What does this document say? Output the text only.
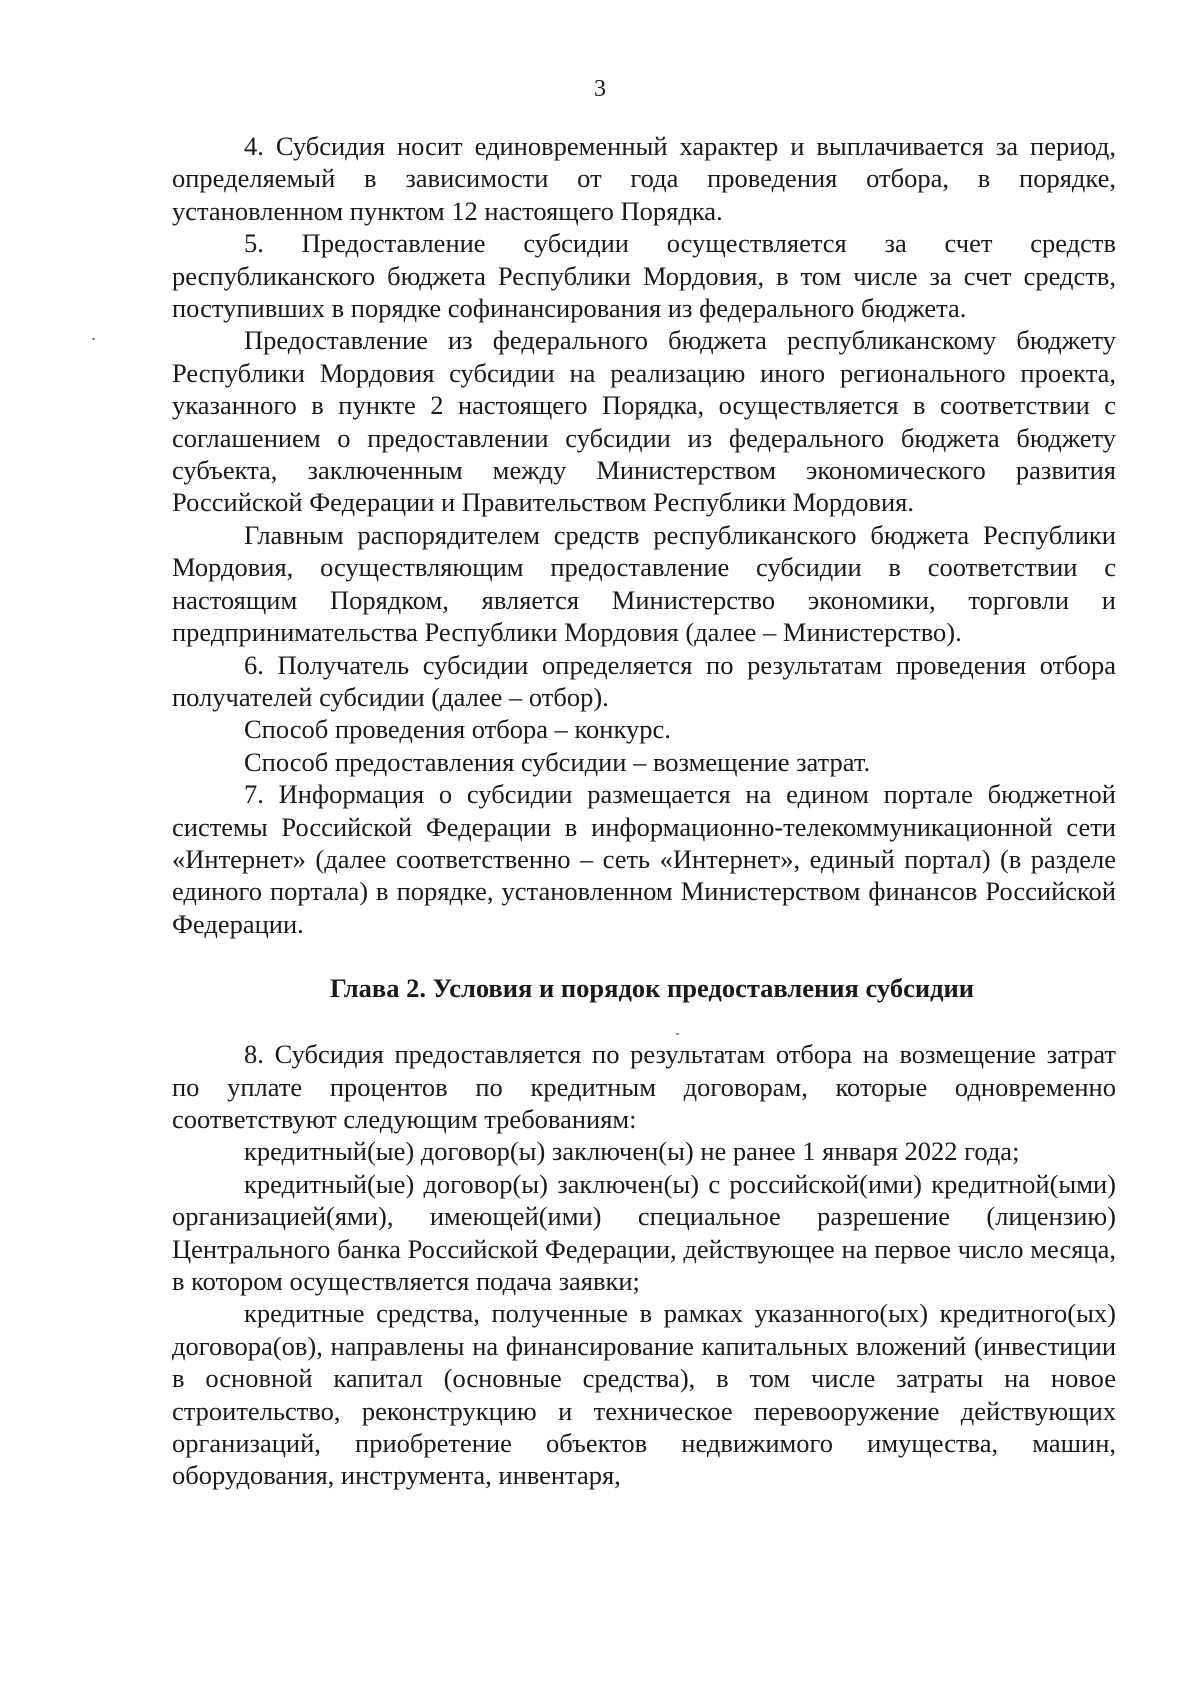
3

4. Субсидия носит единовременный характер и выплачивается за период, определяемый в зависимости от года проведения отбора, в порядке, установленном пунктом 12 настоящего Порядка.

5. Предоставление субсидии осуществляется за счет средств республиканского бюджета Республики Мордовия, в том числе за счет средств, поступивших в порядке софинансирования из федерального бюджета.

Предоставление из федерального бюджета республиканскому бюджету Республики Мордовия субсидии на реализацию иного регионального проекта, указанного в пункте 2 настоящего Порядка, осуществляется в соответствии с соглашением о предоставлении субсидии из федерального бюджета бюджету субъекта, заключенным между Министерством экономического развития Российской Федерации и Правительством Республики Мордовия.

Главным распорядителем средств республиканского бюджета Республики Мордовия, осуществляющим предоставление субсидии в соответствии с настоящим Порядком, является Министерство экономики, торговли и предпринимательства Республики Мордовия (далее – Министерство).

6. Получатель субсидии определяется по результатам проведения отбора получателей субсидии (далее – отбор).

Способ проведения отбора – конкурс.

Способ предоставления субсидии – возмещение затрат.

7. Информация о субсидии размещается на едином портале бюджетной системы Российской Федерации в информационно-телекоммуникационной сети «Интернет» (далее соответственно – сеть «Интернет», единый портал) (в разделе единого портала) в порядке, установленном Министерством финансов Российской Федерации.

Глава 2. Условия и порядок предоставления субсидии

8. Субсидия предоставляется по результатам отбора на возмещение затрат по уплате процентов по кредитным договорам, которые одновременно соответствуют следующим требованиям:

кредитный(ые) договор(ы) заключен(ы) не ранее 1 января 2022 года;

кредитный(ые) договор(ы) заключен(ы) с российской(ими) кредитной(ыми) организацией(ями), имеющей(ими) специальное разрешение (лицензию) Центрального банка Российской Федерации, действующее на первое число месяца, в котором осуществляется подача заявки;

кредитные средства, полученные в рамках указанного(ых) кредитного(ых) договора(ов), направлены на финансирование капитальных вложений (инвестиции в основной капитал (основные средства), в том числе затраты на новое строительство, реконструкцию и техническое перевооружение действующих организаций, приобретение объектов недвижимого имущества, машин, оборудования, инструмента, инвентаря,
